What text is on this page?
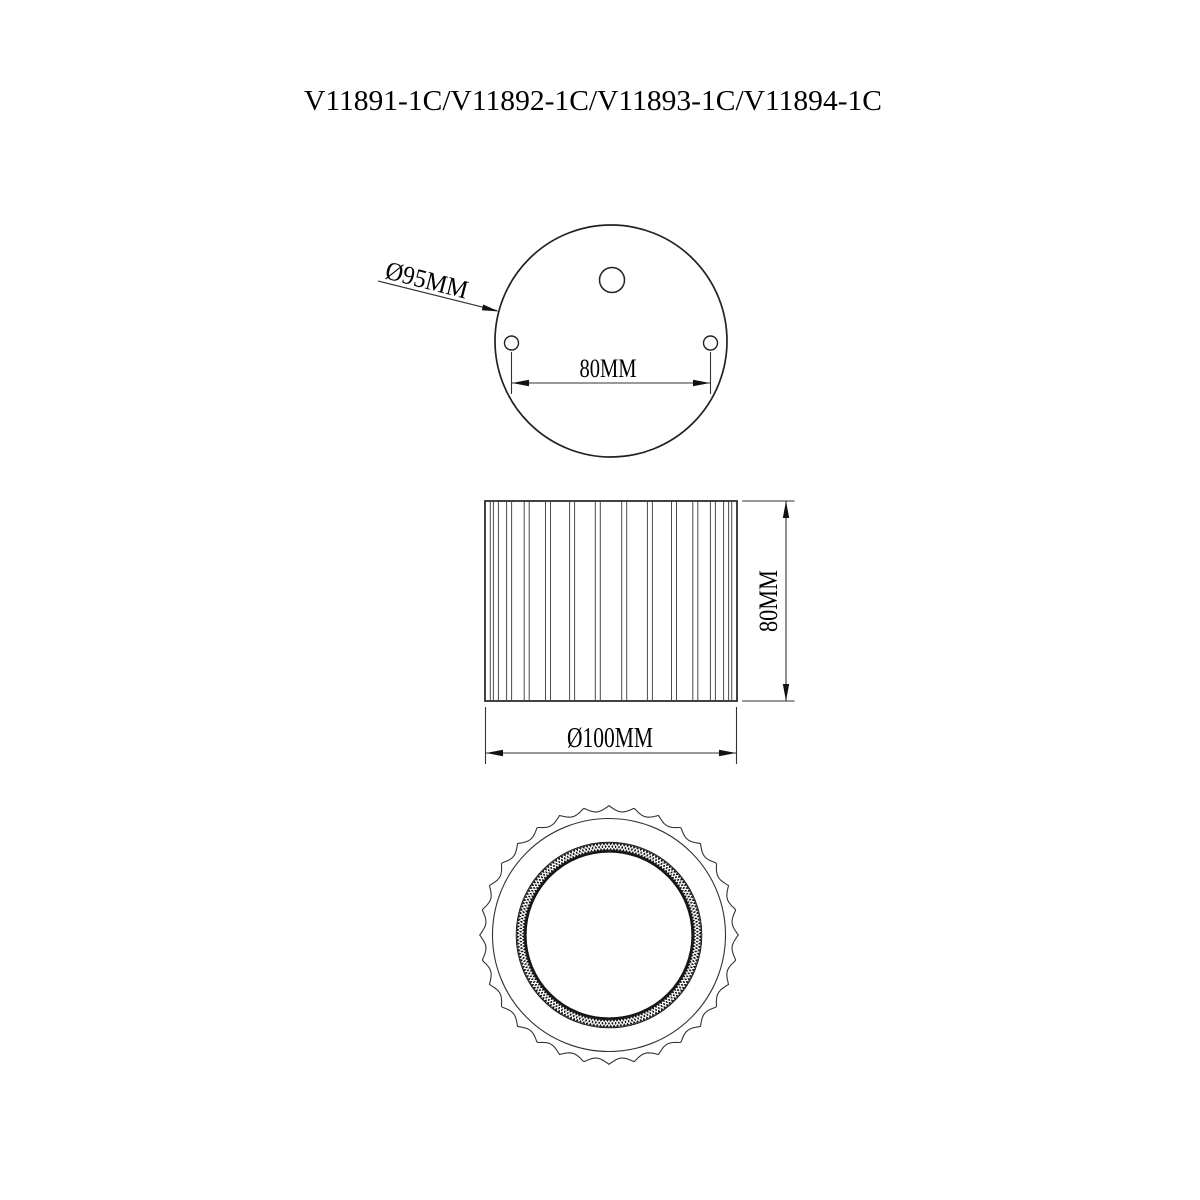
V11891-1C/V11892-1C/V11893-1C/V11894-1C
80MM
Ø95MM
80MM
Ø100MM
